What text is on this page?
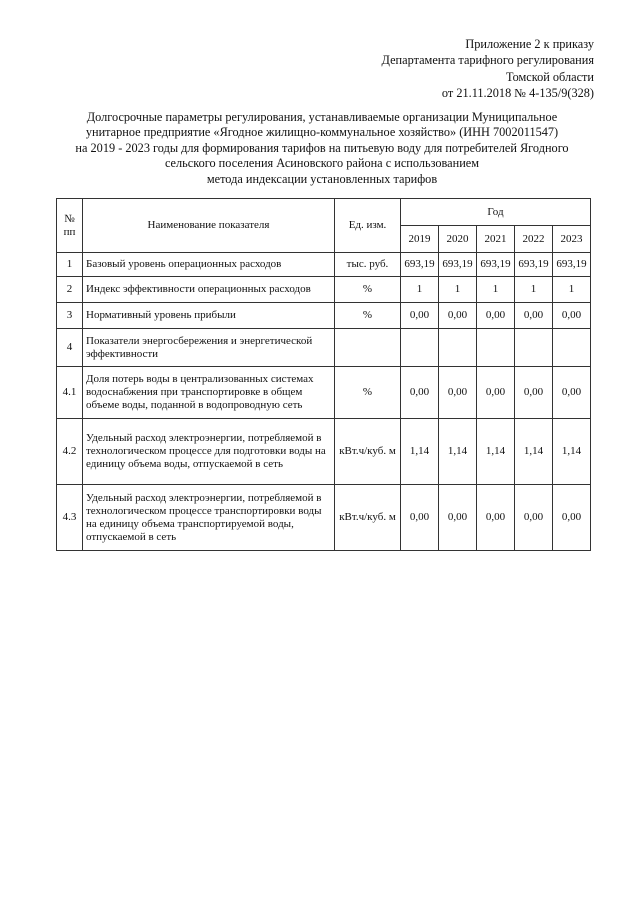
Приложение 2 к приказу
Департамента тарифного регулирования
Томской области
от 21.11.2018 № 4-135/9(328)
Долгосрочные параметры регулирования, устанавливаемые организации Муниципальное
унитарное предприятие «Ягодное жилищно-коммунальное хозяйство» (ИНН 7002011547)
на 2019 - 2023 годы для формирования тарифов на питьевую воду для потребителей Ягодного
сельского поселения Асиновского района с использованием
метода индексации установленных тарифов
№ пп	Наименование показателя	Ед. изм.	Год				
			2019	2020	2021	2022	2023
1	Базовый уровень операционных расходов	тыс. руб.	693,19	693,19	693,19	693,19	693,19
2	Индекс эффективности операционных расходов	%	1	1	1	1	1
3	Нормативный уровень прибыли	%	0,00	0,00	0,00	0,00	0,00
4	Показатели энергосбережения и энергетической эффективности						
4.1	Доля потерь воды в централизованных системах водоснабжения при транспортировке в общем объеме воды, поданной в водопроводную сеть	%	0,00	0,00	0,00	0,00	0,00
4.2	Удельный расход электроэнергии, потребляемой в технологическом процессе для подготовки воды на единицу объема воды, отпускаемой в сеть	кВт.ч/куб. м	1,14	1,14	1,14	1,14	1,14
4.3	Удельный расход электроэнергии, потребляемой в технологическом процессе транспортировки воды на единицу объема транспортируемой воды, отпускаемой в сеть	кВт.ч/куб. м	0,00	0,00	0,00	0,00	0,00
